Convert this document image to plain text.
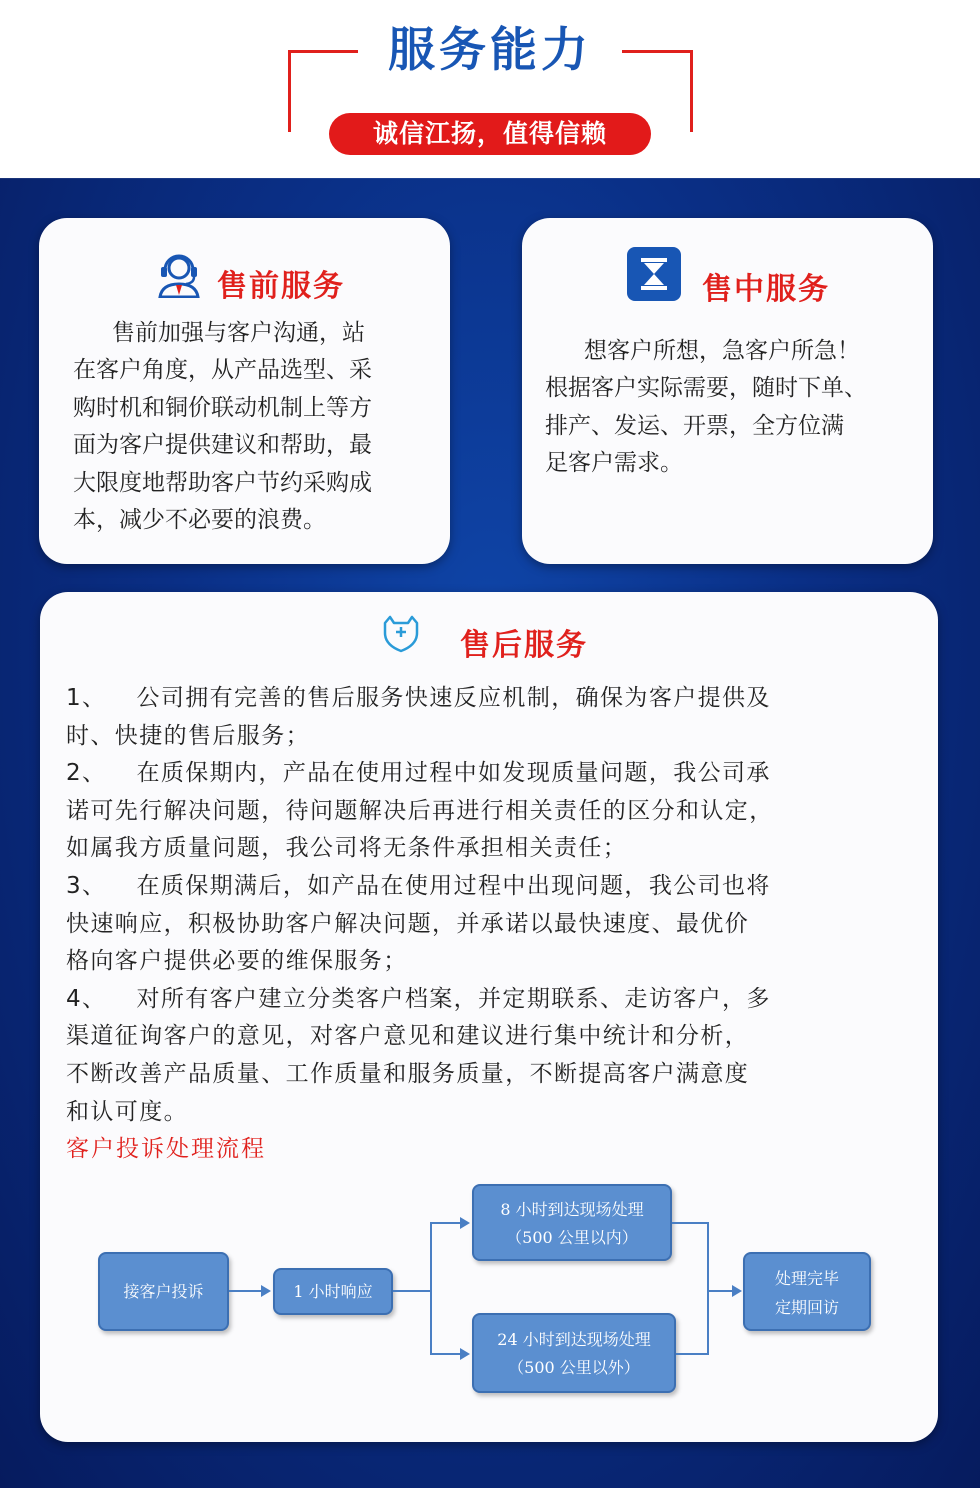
服务能力
诚信江扬，值得信赖
售前服务
售前加强与客户沟通，站
在客户角度，从产品选型、采
购时机和铜价联动机制上等方
面为客户提供建议和帮助，最
大限度地帮助客户节约采购成
本，减少不必要的浪费。
售中服务
想客户所想，急客户所急！
根据客户实际需要，随时下单、
排产、发运、开票，全方位满
足客户需求。
售后服务

1、 公司拥有完善的售后服务快速反应机制，确保为客户提供及

时、快捷的售后服务；

2、 在质保期内，产品在使用过程中如发现质量问题，我公司承

诺可先行解决问题，待问题解决后再进行相关责任的区分和认定，

如属我方质量问题，我公司将无条件承担相关责任；

3、 在质保期满后，如产品在使用过程中出现问题，我公司也将

快速响应，积极协助客户解决问题，并承诺以最快速度、最优价

格向客户提供必要的维保服务；

4、 对所有客户建立分类客户档案，并定期联系、走访客户，多

渠道征询客户的意见，对客户意见和建议进行集中统计和分析，

不断改善产品质量、工作质量和服务质量，不断提高客户满意度

和认可度。

客户投诉处理流程
接客户投诉	1 小时响应
8 小时到达现场处理
（500 公里以内）
24 小时到达现场处理
（500 公里以外）
处理完毕
定期回访
